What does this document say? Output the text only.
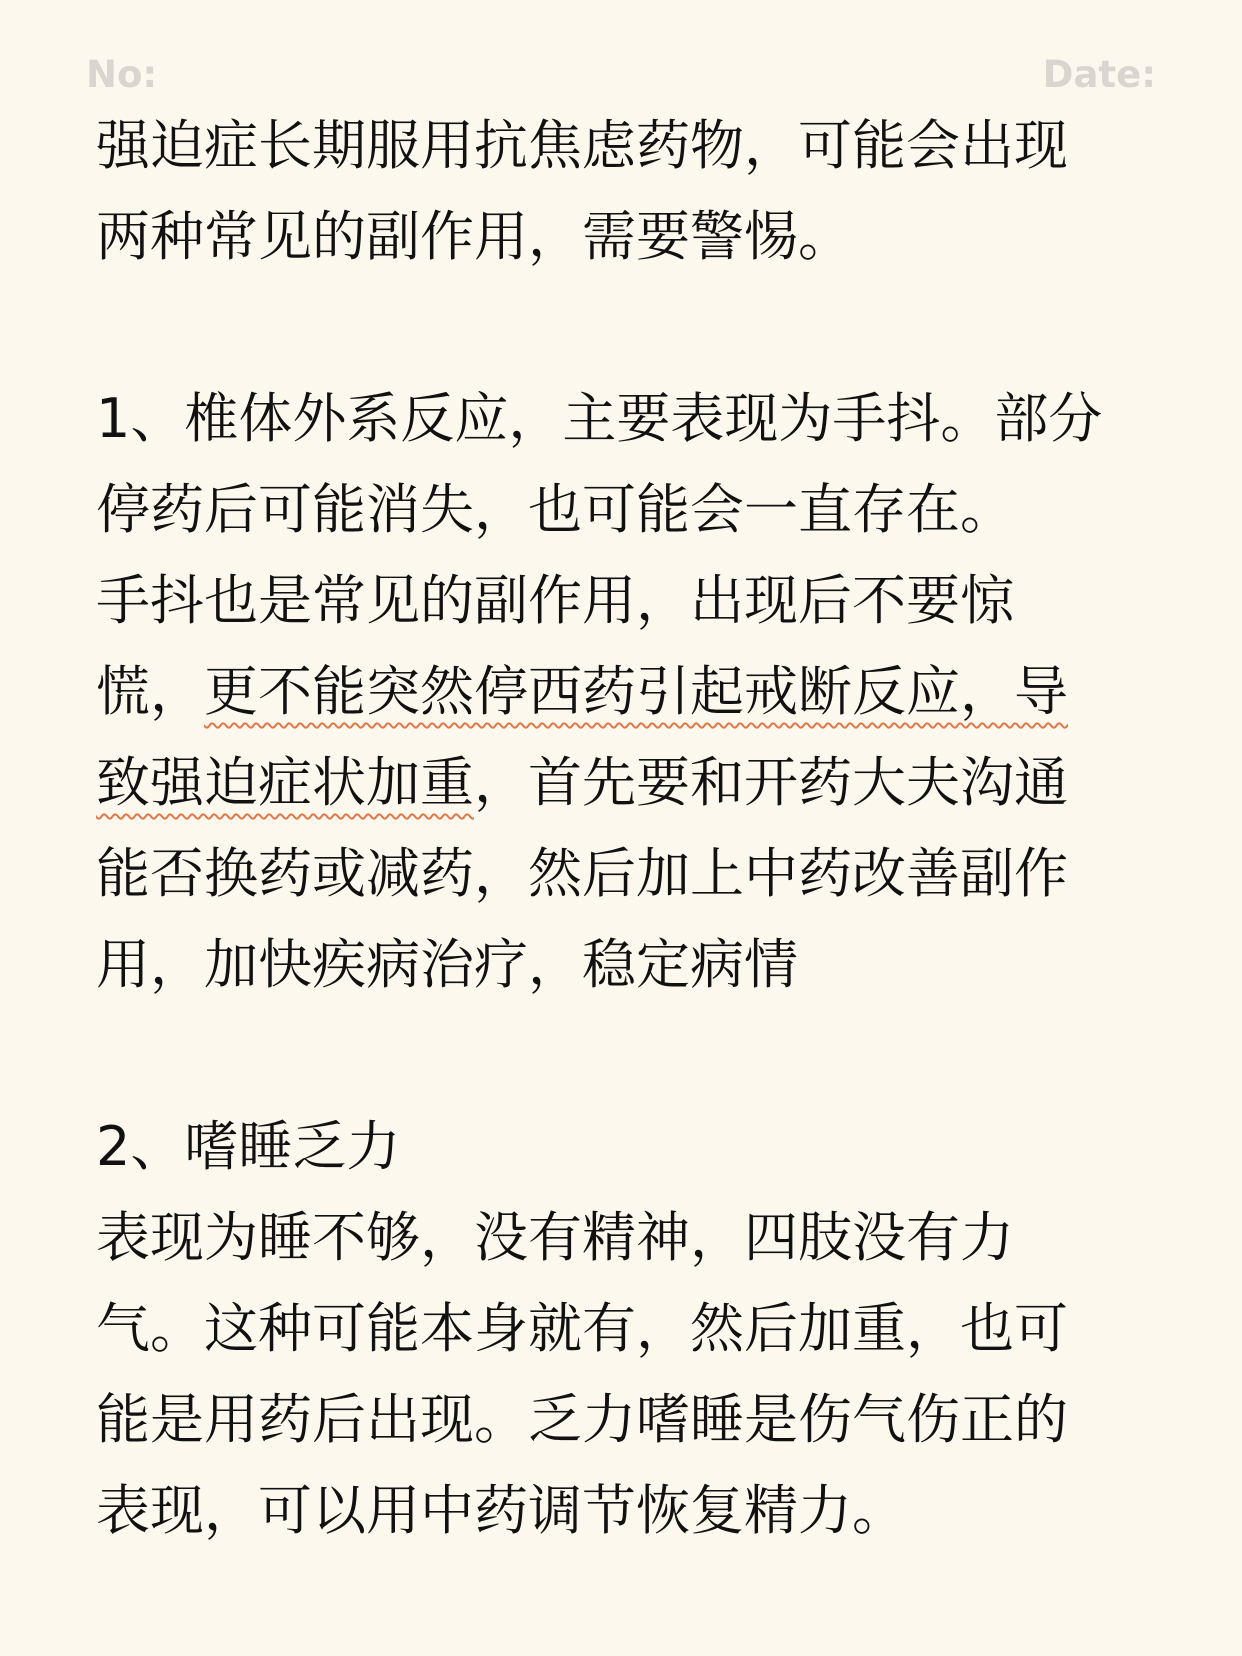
No:	Date:
强迫症长期服用抗焦虑药物，可能会出现
两种常见的副作用，需要警惕。
1、椎体外系反应，主要表现为手抖。部分
停药后可能消失，也可能会一直存在。
手抖也是常见的副作用，出现后不要惊
慌，更不能突然停西药引起戒断反应，导
致强迫症状加重，首先要和开药大夫沟通
能否换药或减药，然后加上中药改善副作
用，加快疾病治疗，稳定病情
2、嗜睡乏力
表现为睡不够，没有精神，四肢没有力
气。这种可能本身就有，然后加重，也可
能是用药后出现。乏力嗜睡是伤气伤正的
表现，可以用中药调节恢复精力。
